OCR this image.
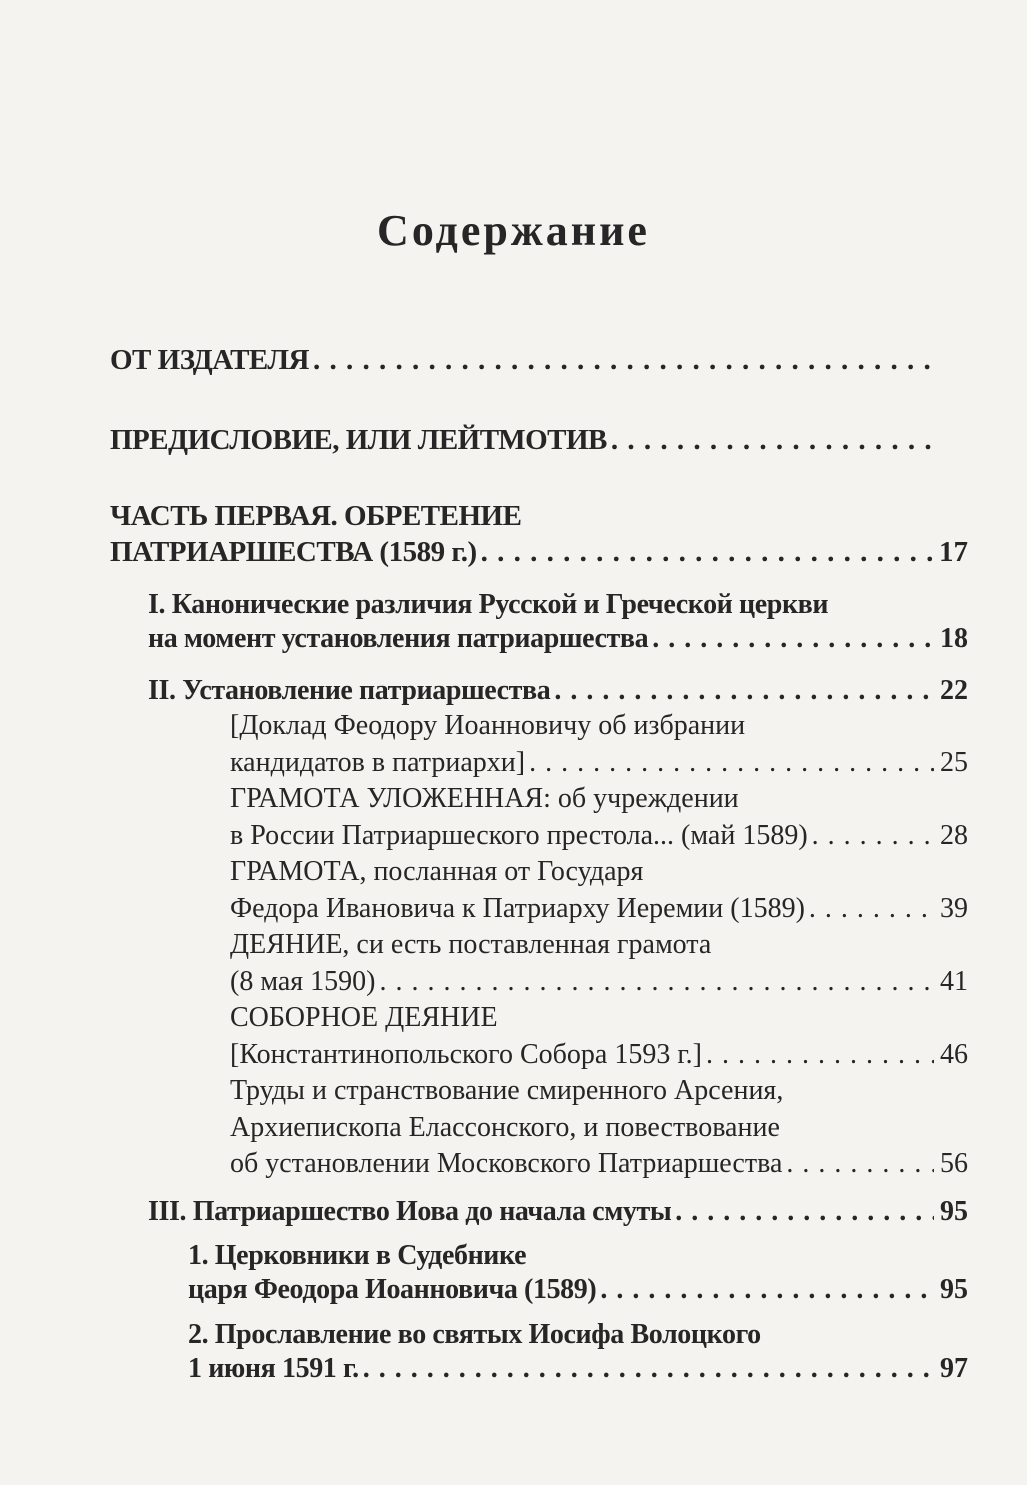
Содержание
ОТ ИЗДАТЕЛЯ
. . .
ПРЕДИСЛОВИЕ, ИЛИ ЛЕЙТМОТИВ
. . .
ЧАСТЬ ПЕРВАЯ. ОБРЕТЕНИЕ
ПАТРИАРШЕСТВА (1589 г.) . . .	17
I. Канонические различия Русской и Греческой церкви
на момент установления патриаршества . . .	18
II. Установление патриаршества . . .	22
[Доклад Феодору Иоанновичу об избрании
кандидатов в патриархи] . . .	25
ГРАМОТА УЛОЖЕННАЯ: об учреждении
в России Патриаршеского престола... (май 1589) . . .	28
ГРАМОТА, посланная от Государя
Федора Ивановича к Патриарху Иеремии (1589) . . .	39
ДЕЯНИЕ, си есть поставленная грамота
(8 мая 1590) . . .	41
СОБОРНОЕ ДЕЯНИЕ
[Константинопольского Собора 1593 г.] . . .	46
Труды и странствование смиренного Арсения,
Архиепископа Елассонского, и повествование
об установлении Московского Патриаршества . . .	56
III. Патриаршество Иова до начала смуты . . .	95
1. Церковники в Судебнике
царя Феодора Иоанновича (1589) . . .	95
2. Прославление во святых Иосифа Волоцкого
1 июня 1591 г. . . .	97
